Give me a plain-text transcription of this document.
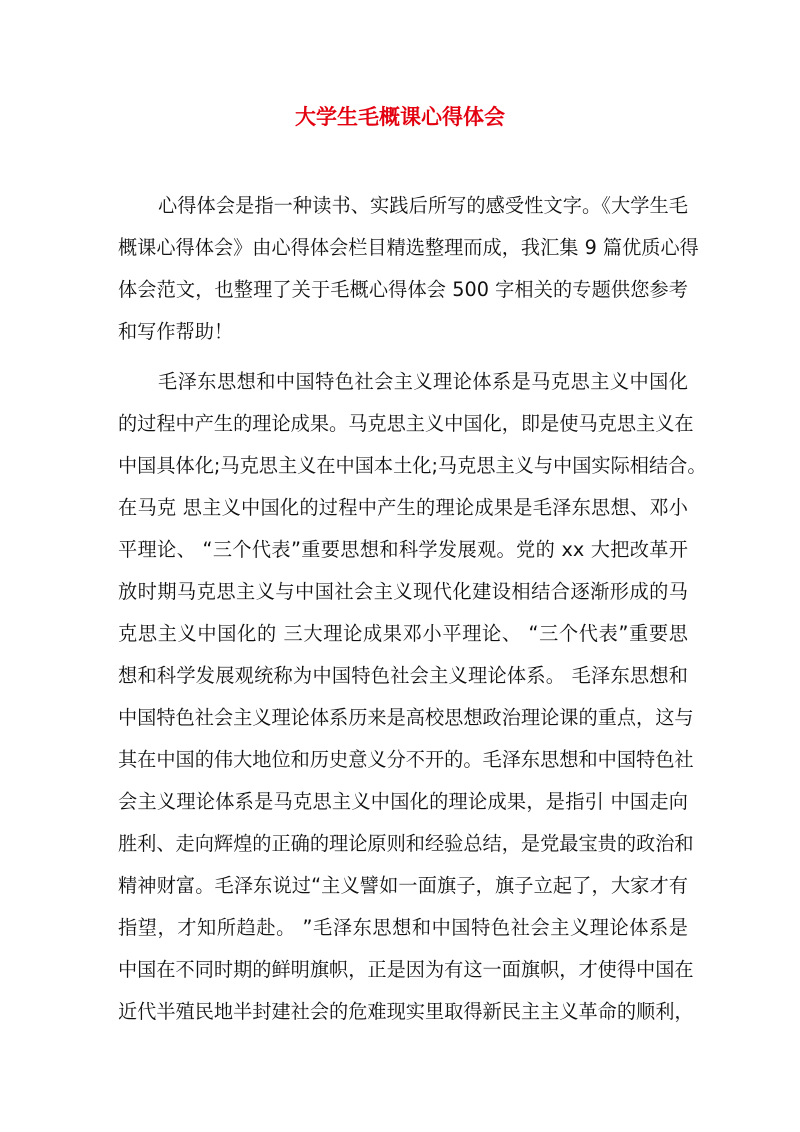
大学生毛概课心得体会
心得体会是指一种读书、实践后所写的感受性文字。《大学生毛
概课心得体会》由心得体会栏目精选整理而成，我汇集 9 篇优质心得
体会范文，也整理了关于毛概心得体会 500 字相关的专题供您参考
和写作帮助！
毛泽东思想和中国特色社会主义理论体系是马克思主义中国化
的过程中产生的理论成果。马克思主义中国化，即是使马克思主义在
中国具体化;马克思主义在中国本土化;马克思主义与中国实际相结合。
在马克 思主义中国化的过程中产生的理论成果是毛泽东思想、邓小
平理论、 “三个代表”重要思想和科学发展观。党的 xx 大把改革开
放时期马克思主义与中国社会主义现代化建设相结合逐渐形成的马
克思主义中国化的 三大理论成果邓小平理论、 “三个代表”重要思
想和科学发展观统称为中国特色社会主义理论体系。 毛泽东思想和
中国特色社会主义理论体系历来是高校思想政治理论课的重点，这与
其在中国的伟大地位和历史意义分不开的。毛泽东思想和中国特色社
会主义理论体系是马克思主义中国化的理论成果，是指引 中国走向
胜利、走向辉煌的正确的理论原则和经验总结，是党最宝贵的政治和
精神财富。毛泽东说过“主义譬如一面旗子，旗子立起了，大家才有
指望，才知所趋赴。 ”毛泽东思想和中国特色社会主义理论体系是
中国在不同时期的鲜明旗帜，正是因为有这一面旗帜，才使得中国在
近代半殖民地半封建社会的危难现实里取得新民主主义革命的顺利，
